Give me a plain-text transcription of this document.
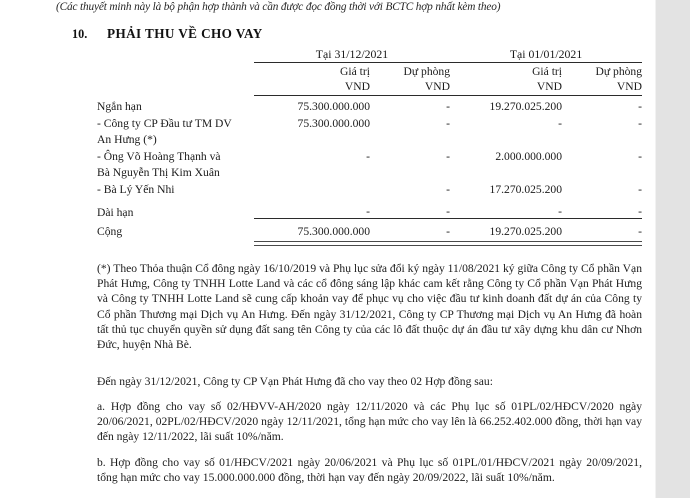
(Các thuyết minh này là bộ phận hợp thành và cần được đọc đồng thời với BCTC hợp nhất kèm theo)
10. PHẢI THU VỀ CHO VAY
	Tại 31/12/2021		Tại 01/01/2021	

	Giá trị	Dự phòng	Giá trị	Dự phòng
	VND	VND	VND	VND

Ngắn hạn	75.300.000.000	-	19.270.025.200	-
- Công ty CP Đầu tư TM DV	75.300.000.000	-	-	-
An Hưng (*)				
- Ông Võ Hoàng Thạnh và	-	-	2.000.000.000	-
Bà Nguyễn Thị Kim Xuân				
- Bà Lý Yến Nhi		-	17.270.025.200	-
Dài hạn	-	-	-	-
Cộng	75.300.000.000	-	19.270.025.200	-

(*) Theo Thỏa thuận Cổ đông ngày 16/10/2019 và Phụ lục sửa đổi ký ngày 11/08/2021 ký giữa Công ty Cổ phần Vạn Phát Hưng, Công ty TNHH Lotte Land và các cổ đông sáng lập khác cam kết rằng Công ty Cổ phần Vạn Phát Hưng và Công ty TNHH Lotte Land sẽ cung cấp khoản vay để phục vụ cho việc đầu tư kinh doanh đất dự án của Công ty Cổ phần Thương mại Dịch vụ An Hưng. Đến ngày 31/12/2021, Công ty CP Thương mại Dịch vụ An Hưng đã hoàn tất thủ tục chuyển quyền sử dụng đất sang tên Công ty của các lô đất thuộc dự án đầu tư xây dựng khu dân cư Nhơn Đức, huyện Nhà Bè.
Đến ngày 31/12/2021, Công ty CP Vạn Phát Hưng đã cho vay theo 02 Hợp đồng sau:
a. Hợp đồng cho vay số 02/HĐVV-AH/2020 ngày 12/11/2020 và các Phụ lục số 01PL/02/HĐCV/2020 ngày 20/06/2021, 02PL/02/HĐCV/2020 ngày 12/11/2021, tổng hạn mức cho vay lên là 66.252.402.000 đồng, thời hạn vay đến ngày 12/11/2022, lãi suất 10%/năm.
b. Hợp đồng cho vay số 01/HĐCV/2021 ngày 20/06/2021 và Phụ lục số 01PL/01/HĐCV/2021 ngày 20/09/2021, tổng hạn mức cho vay 15.000.000.000 đồng, thời hạn vay đến ngày 20/09/2022, lãi suất 10%/năm.
